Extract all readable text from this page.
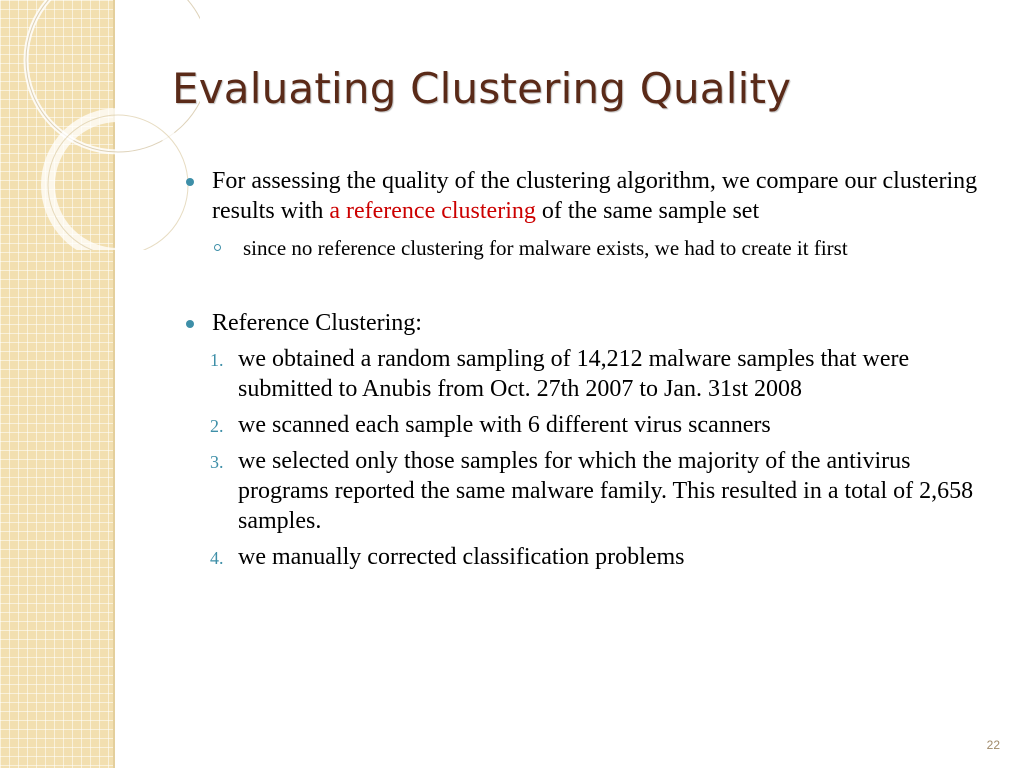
Evaluating Clustering Quality
For assessing the quality of the clustering algorithm, we compare our clustering results with a reference clustering of the same sample set
since no reference clustering for malware exists, we had to create it first
Reference Clustering:
1. we obtained a random sampling of 14,212 malware samples that were submitted to Anubis from Oct. 27th 2007 to Jan. 31st 2008
2. we scanned each sample with 6 different virus scanners
3. we selected only those samples for which the majority of the antivirus programs reported the same malware family. This resulted in a total of 2,658 samples.
4. we manually corrected classification problems
22
